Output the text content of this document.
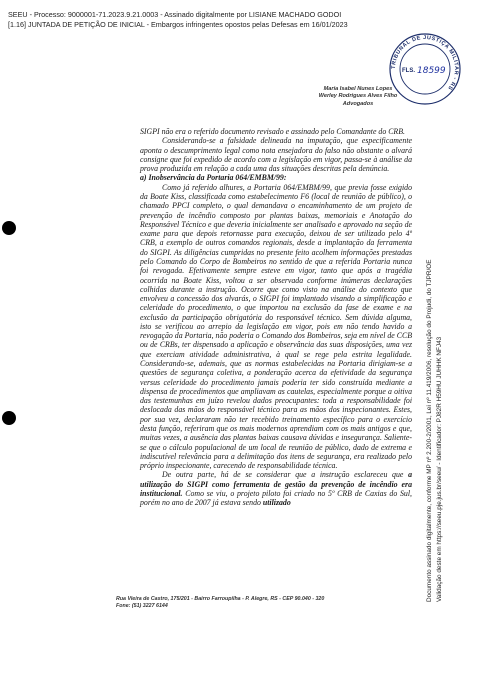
SEEU - Processo: 9000001-71.2023.9.21.0003 - Assinado digitalmente por LISIANE MACHADO GODOI
[1.16] JUNTADA DE PETIÇÃO DE INICIAL - Embargos infringentes opostos pelas Defesas em 16/01/2023
TRIBUNAL DE JUSTIÇA MILITAR - RS
FLS. 18599
Maria Isabel Nunes Lopes
Werley Rodrigues Alves Filho
Advogados

SIGPI não era o referido documento revisado e assinado pelo Comandante do CRB.

Considerando-se a falsidade delineada na imputação, que especificamente aponta o descumprimento legal como nota ensejadora do falso não obstante o alvará consigne que foi expedido de acordo com a legislação em vigor, passa-se à análise da prova produzida em relação a cada uma das situações descritas pela denúncia.

a) Inobservância da Portaria 064/EMBM/99:

Como já referido alhures, a Portaria 064/EMBM/99, que previa fosse exigido da Boate Kiss, classificada como estabelecimento F6 (local de reunião de público), o chamado PPCI completo, o qual demandava o encaminhamento de um projeto de prevenção de incêndio composto por plantas baixas, memoriais e Anotação do Responsável Técnico e que deveria inicialmente ser analisado e aprovado na seção de exame para que depois retornasse para execução, deixou de ser utilizado pelo 4º CRB, a exemplo de outros comandos regionais, desde a implantação da ferramenta do SIGPI. As diligências cumpridas no presente feito acolhem informações prestadas pelo Comando do Corpo de Bombeiros no sentido de que a referida Portaria nunca foi revogada. Efetivamente sempre esteve em vigor, tanto que após a tragédia ocorrida na Boate Kiss, voltou a ser observada conforme inúmeras declarações colhidas durante a instrução. Ocorre que como visto na análise do contexto que envolveu a concessão dos alvarás, o SIGPI foi implantado visando a simplificação e celeridade do procedimento, o que importou na exclusão da fase de exame e na exclusão da participação obrigatória do responsável técnico. Sem dúvida alguma, isto se verificou ao arrepio da legislação em vigor, pois em não tendo havido a revogação da Portaria, não poderia o Comando dos Bombeiros, seja em nível de CCB ou de CRBs, ter dispensado a aplicação e observância das suas disposições, uma vez que exerciam atividade administrativa, à qual se rege pela estrita legalidade. Considerando-se, ademais, que as normas estabelecidas na Portaria dirigiam-se a questões de segurança coletiva, a ponderação acerca da efetividade da segurança versus celeridade do procedimento jamais poderia ter sido construída mediante a dispensa de procedimentos que ampliavam as cautelas, especialmente porque a oitiva das testemunhas em juízo revelou dados preocupantes: toda a responsabilidade foi deslocada das mãos do responsável técnico para as mãos dos inspecionantes. Estes, por sua vez, declararam não ter recebido treinamento específico para o exercício desta função, referiram que os mais modernos aprendiam com os mais antigos e que, muitas vezes, a ausência das plantas baixas causava dúvidas e insegurança. Saliente-se que o cálculo populacional de um local de reunião de público, dado de extrema e indiscutível relevância para a delimitação dos itens de segurança, era realizado pelo próprio inspecionante, carecendo de responsabilidade técnica.

De outra parte, há de se considerar que a instrução esclareceu que a utilização do SIGPI como ferramenta de gestão da prevenção de incêndio era institucional. Como se viu, o projeto piloto foi criado no 5º CRB de Caxias do Sul, porém no ano de 2007 já estava sendo utilizado

Rua Vieira de Castro, 175/201 - Bairro Farroupilha - P. Alegre, RS - CEP 90.040 - 320
Fone: (51) 3227 6144
Documento assinado digitalmente, conforme MP nº 2.200-2/2001, Lei nº 11.419/2006, resolução do Projudi, do TJPR/OE Validação deste em https://seeu.pje.jus.br/seeu/ - Identificador: PJ82R H59HU JUHHK NFJ43
